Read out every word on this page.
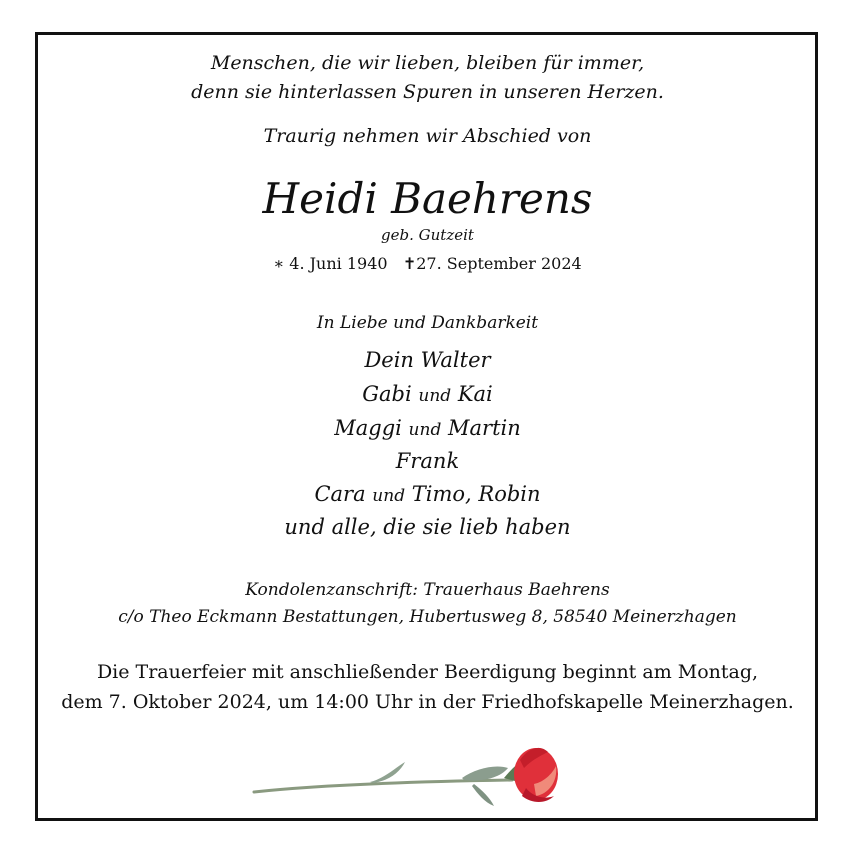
Menschen, die wir lieben, bleiben für immer,
denn sie hinterlassen Spuren in unseren Herzen.
Traurig nehmen wir Abschied von
Heidi Baehrens
geb. Gutzeit
∗ 4. Juni 1940 ✝27. September 2024
In Liebe und Dankbarkeit
Dein Walter
Gabi und Kai
Maggi und Martin
Frank
Cara und Timo, Robin
und alle, die sie lieb haben
Kondolenzanschrift: Trauerhaus Baehrens
c/o Theo Eckmann Bestattungen, Hubertusweg 8, 58540 Meinerzhagen
Die Trauerfeier mit anschließender Beerdigung beginnt am Montag,
dem 7. Oktober 2024, um 14:00 Uhr in der Friedhofskapelle Meinerzhagen.
